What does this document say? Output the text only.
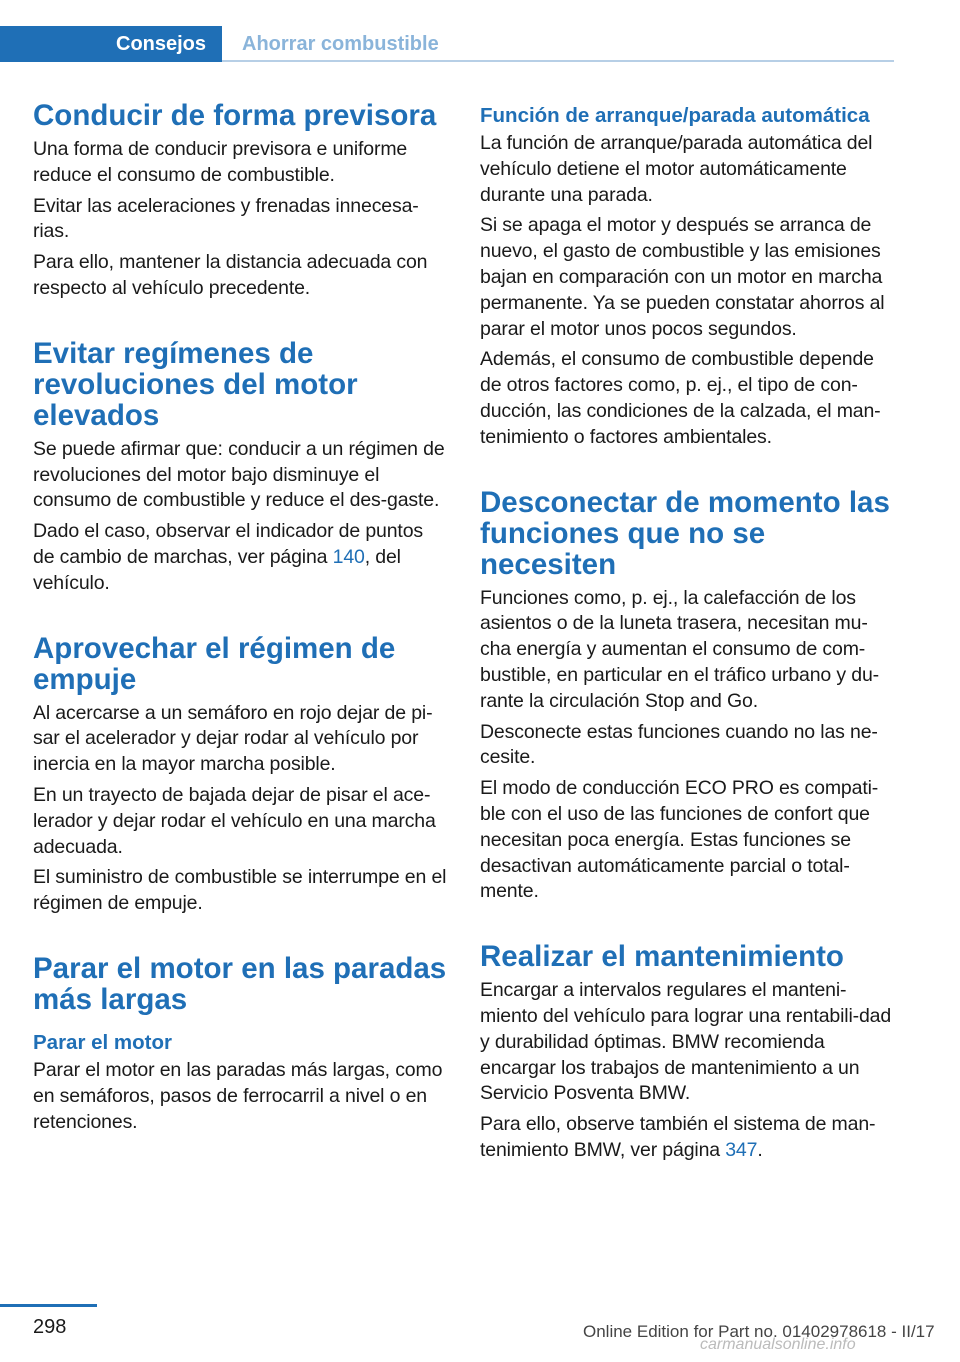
Consejos	Ahorrar combustible
Conducir de forma previsora

Una forma de conducir previsora e uniforme reduce el consumo de combustible.

Evitar las aceleraciones y frenadas innecesa‐rias.

Para ello, mantener la distancia adecuada con respecto al vehículo precedente.

Evitar regímenes de revoluciones del motor elevados

Se puede afirmar que: conducir a un régimen de revoluciones del motor bajo disminuye el consumo de combustible y reduce el des‐gaste.

Dado el caso, observar el indicador de puntos de cambio de marchas, ver página 140, del vehículo.

Aprovechar el régimen de empuje

Al acercarse a un semáforo en rojo dejar de pi‐sar el acelerador y dejar rodar al vehículo por inercia en la mayor marcha posible.

En un trayecto de bajada dejar de pisar el ace‐lerador y dejar rodar el vehículo en una marcha adecuada.

El suministro de combustible se interrumpe en el régimen de empuje.

Parar el motor en las paradas más largas
Parar el motor

Parar el motor en las paradas más largas, como en semáforos, pasos de ferrocarril a nivel o en retenciones.

Función de arranque/parada automática

La función de arranque/parada automática del vehículo detiene el motor automáticamente durante una parada.

Si se apaga el motor y después se arranca de nuevo, el gasto de combustible y las emisiones bajan en comparación con un motor en marcha permanente. Ya se pueden constatar ahorros al parar el motor unos pocos segundos.

Además, el consumo de combustible depende de otros factores como, p. ej., el tipo de con‐ducción, las condiciones de la calzada, el man‐tenimiento o factores ambientales.

Desconectar de momento las funciones que no se necesiten

Funciones como, p. ej., la calefacción de los asientos o de la luneta trasera, necesitan mu‐cha energía y aumentan el consumo de com‐bustible, en particular en el tráfico urbano y du‐rante la circulación Stop and Go.

Desconecte estas funciones cuando no las ne‐cesite.

El modo de conducción ECO PRO es compati‐ble con el uso de las funciones de confort que necesitan poca energía. Estas funciones se desactivan automáticamente parcial o total‐mente.

Realizar el mantenimiento

Encargar a intervalos regulares el manteni‐miento del vehículo para lograr una rentabili‐dad y durabilidad óptimas. BMW recomienda encargar los trabajos de mantenimiento a un Servicio Posventa BMW.

Para ello, observe también el sistema de man‐tenimiento BMW, ver página 347.

298	Online Edition for Part no. 01402978618 - II/17
carmanualsonline.info
